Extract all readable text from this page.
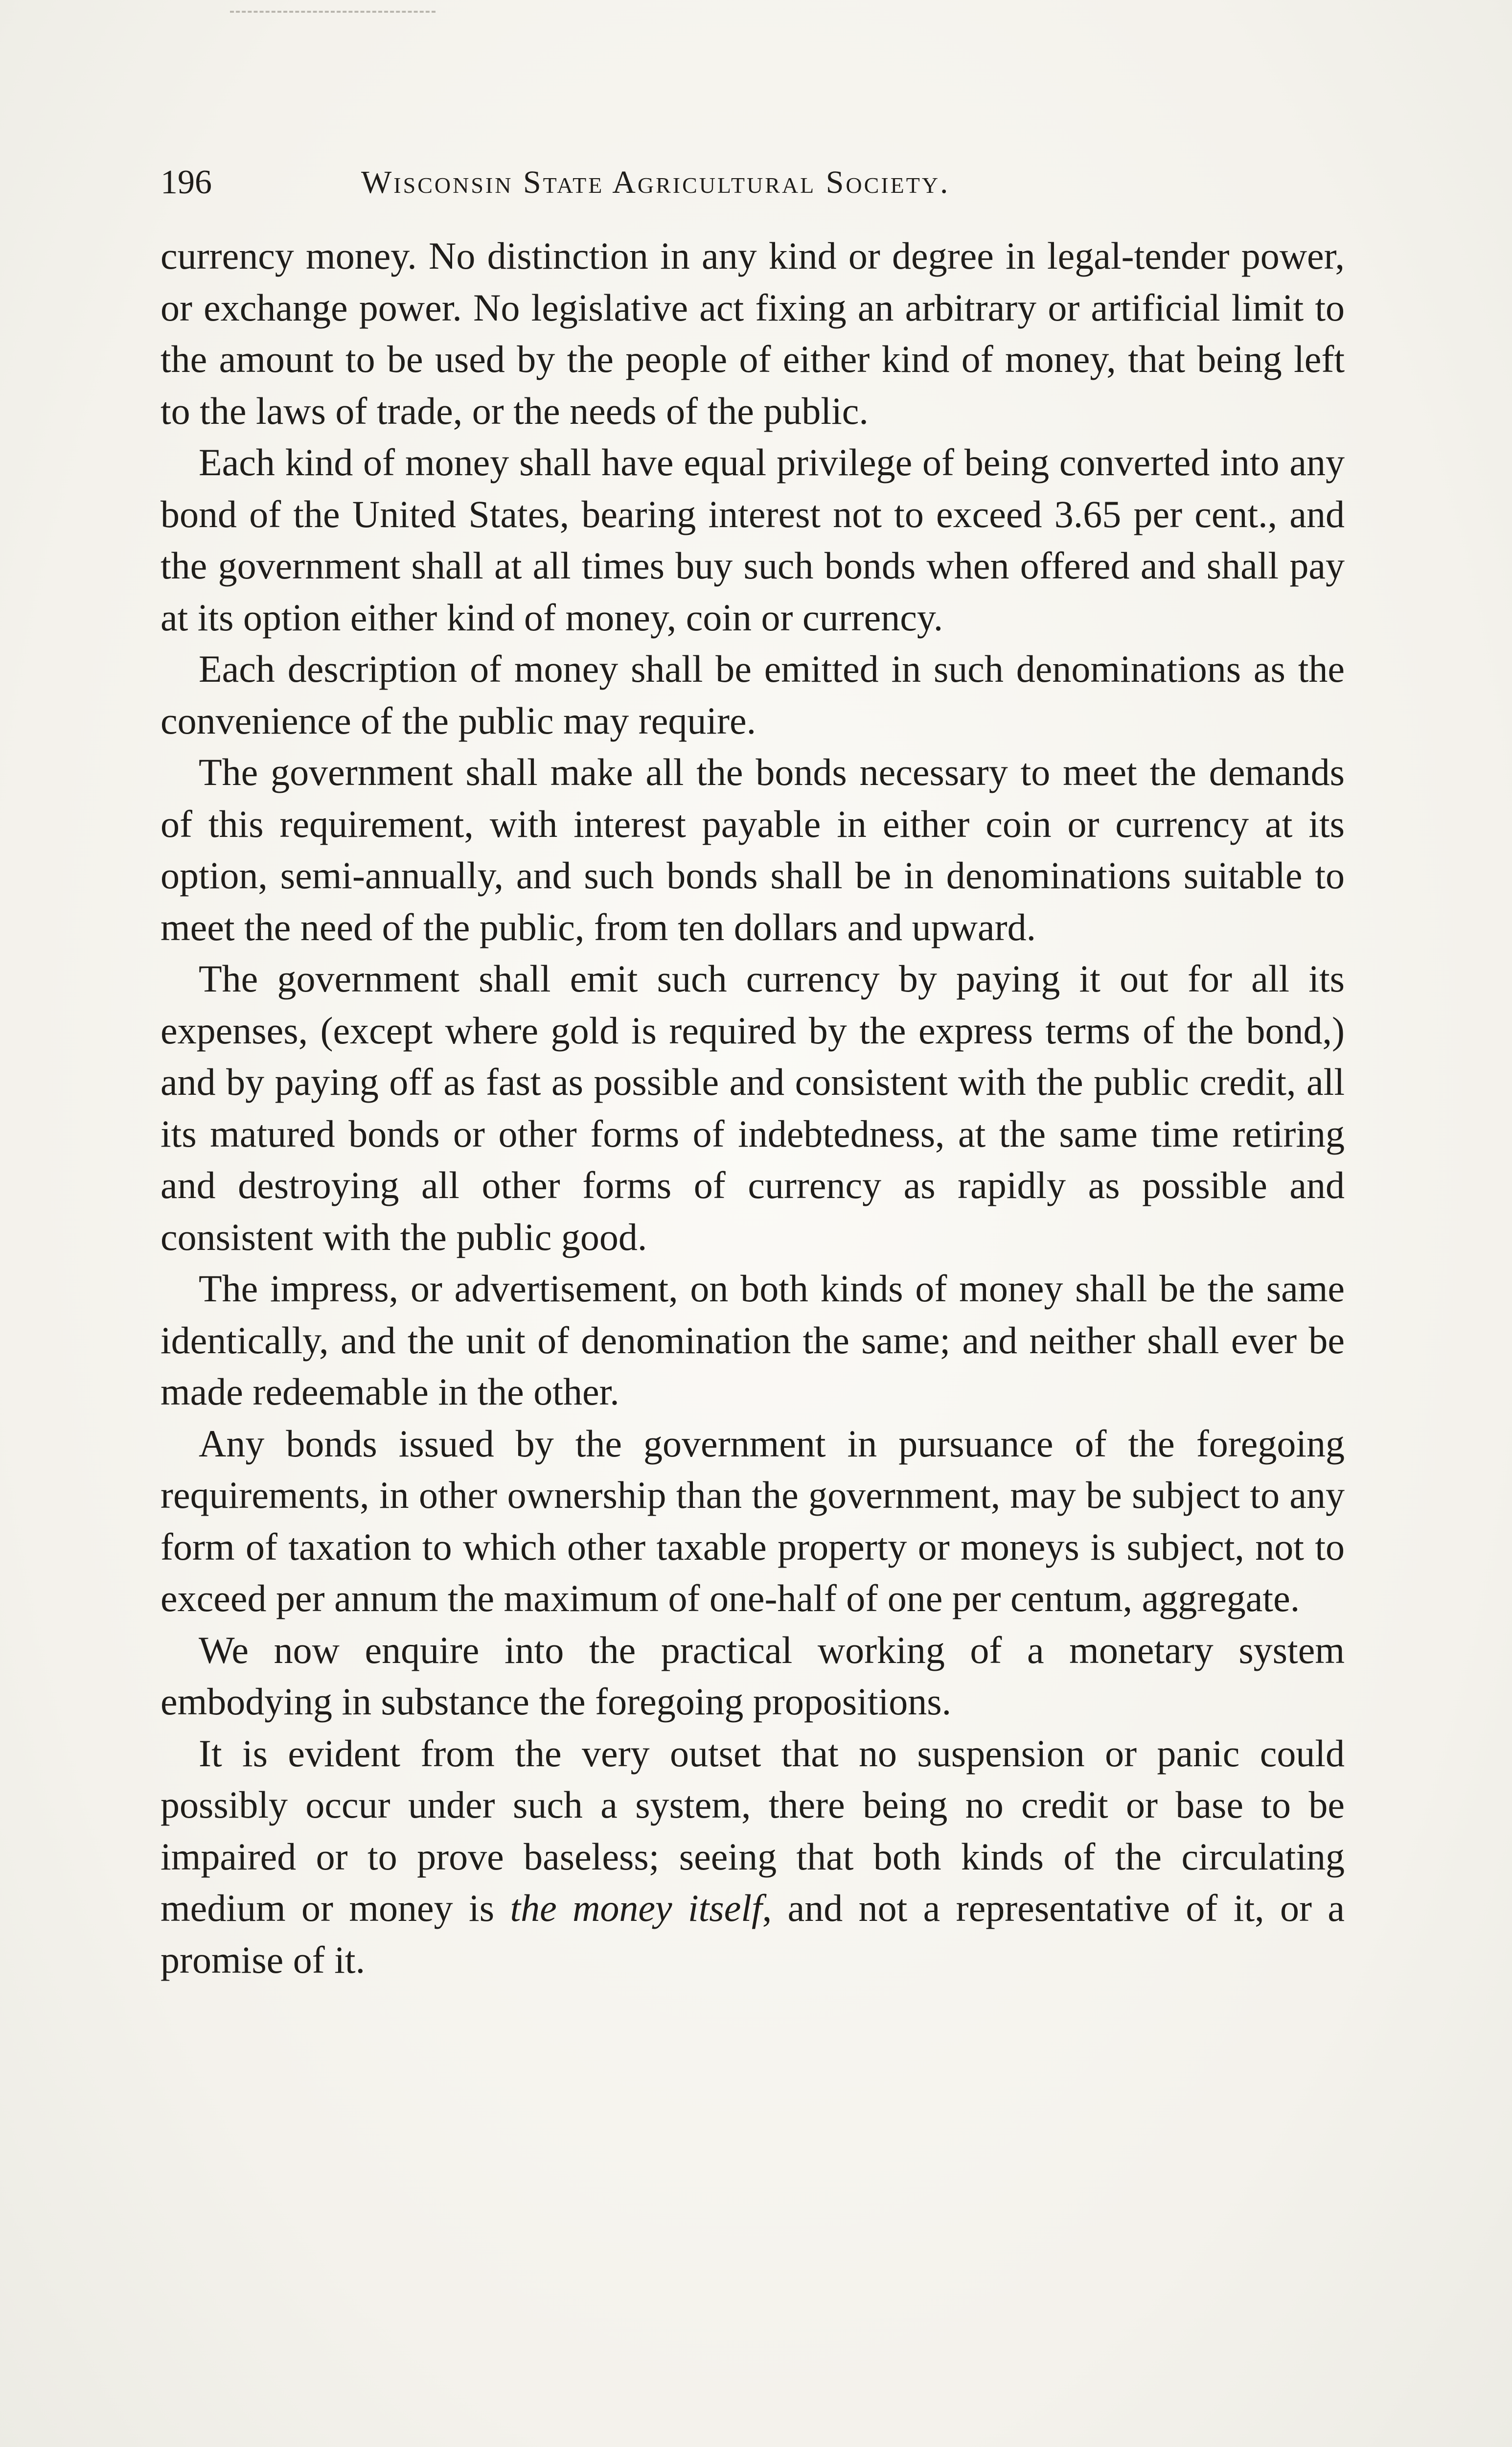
196	Wisconsin State Agricultural Society.

currency money. No distinction in any kind or degree in legal-tender power, or exchange power. No legislative act fixing an arbitrary or artificial limit to the amount to be used by the people of either kind of money, that being left to the laws of trade, or the needs of the public.

Each kind of money shall have equal privilege of being converted into any bond of the United States, bearing interest not to exceed 3.65 per cent., and the government shall at all times buy such bonds when offered and shall pay at its option either kind of money, coin or currency.

Each description of money shall be emitted in such denominations as the convenience of the public may require.

The government shall make all the bonds necessary to meet the demands of this requirement, with interest payable in either coin or currency at its option, semi-annually, and such bonds shall be in denominations suitable to meet the need of the public, from ten dollars and upward.

The government shall emit such currency by paying it out for all its expenses, (except where gold is required by the express terms of the bond,) and by paying off as fast as possible and consistent with the public credit, all its matured bonds or other forms of indebtedness, at the same time retiring and destroying all other forms of currency as rapidly as possible and consistent with the public good.

The impress, or advertisement, on both kinds of money shall be the same identically, and the unit of denomination the same; and neither shall ever be made redeemable in the other.

Any bonds issued by the government in pursuance of the foregoing requirements, in other ownership than the government, may be subject to any form of taxation to which other taxable property or moneys is subject, not to exceed per annum the maximum of one-half of one per centum, aggregate.

We now enquire into the practical working of a monetary system embodying in substance the foregoing propositions.

It is evident from the very outset that no suspension or panic could possibly occur under such a system, there being no credit or base to be impaired or to prove baseless; seeing that both kinds of the circulating medium or money is the money itself, and not a representative of it, or a promise of it.
